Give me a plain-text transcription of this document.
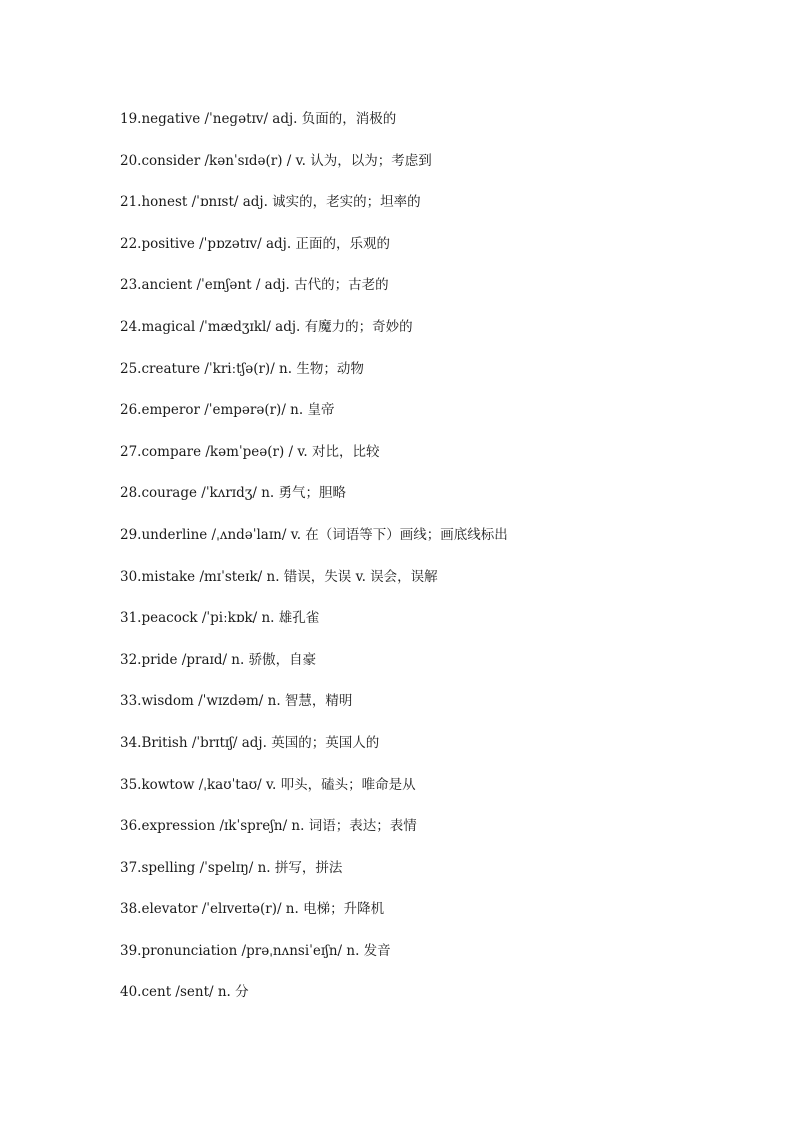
19.negative /ˈneɡətɪv/ adj. 负面的，消极的
20.consider /kənˈsɪdə(r) / v. 认为，以为；考虑到
21.honest /ˈɒnɪst/ adj. 诚实的，老实的；坦率的
22.positive /ˈpɒzətɪv/ adj. 正面的，乐观的
23.ancient /ˈeɪnʃənt / adj. 古代的；古老的
24.magical /ˈmædʒɪkl/ adj. 有魔力的；奇妙的
25.creature /ˈkriːtʃə(r)/ n. 生物；动物
26.emperor /ˈempərə(r)/ n. 皇帝
27.compare /kəmˈpeə(r) / v. 对比，比较
28.courage /ˈkʌrɪdʒ/ n. 勇气；胆略
29.underline /ˌʌndəˈlaɪn/ v. 在（词语等下）画线；画底线标出
30.mistake /mɪˈsteɪk/ n. 错误，失误 v. 误会，误解
31.peacock /ˈpiːkɒk/ n. 雄孔雀
32.pride /praɪd/ n. 骄傲，自豪
33.wisdom /ˈwɪzdəm/ n. 智慧，精明
34.British /ˈbrɪtɪʃ/ adj. 英国的；英国人的
35.kowtow /ˌkaʊˈtaʊ/ v. 叩头，磕头；唯命是从
36.expression /ɪkˈspreʃn/ n. 词语；表达；表情
37.spelling /ˈspelɪŋ/ n. 拼写，拼法
38.elevator /ˈelɪveɪtə(r)/ n. 电梯；升降机
39.pronunciation /prəˌnʌnsiˈeɪʃn/ n. 发音
40.cent /sent/ n. 分
